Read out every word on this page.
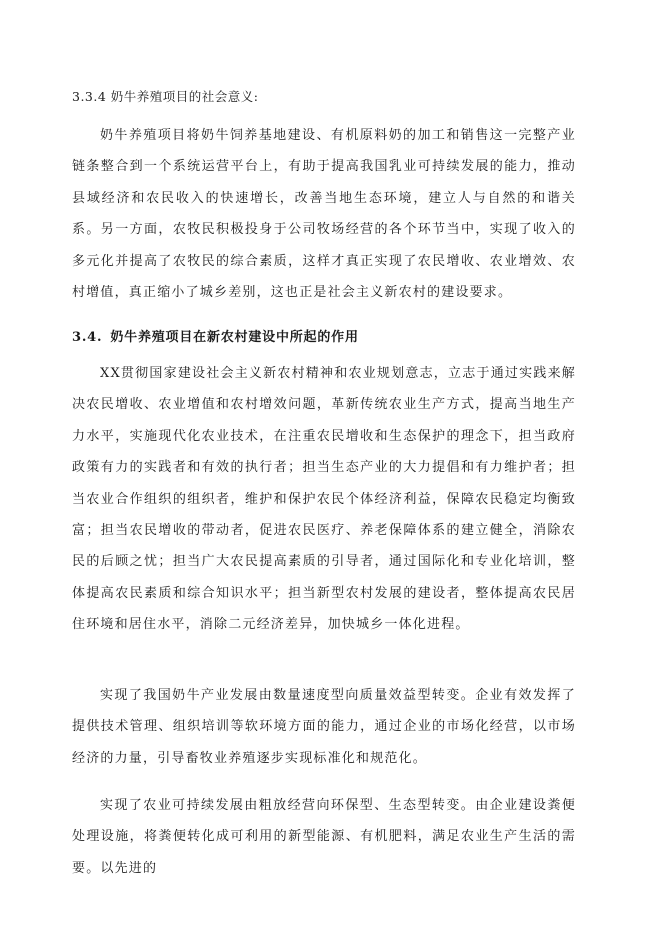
3.3.4 奶牛养殖项目的社会意义:

奶牛养殖项目将奶牛饲养基地建设、有机原料奶的加工和销售这一完整产业链条整合到一个系统运营平台上，有助于提高我国乳业可持续发展的能力，推动县域经济和农民收入的快速增长，改善当地生态环境，建立人与自然的和谐关系。另一方面，农牧民积极投身于公司牧场经营的各个环节当中，实现了收入的多元化并提高了农牧民的综合素质，这样才真正实现了农民增收、农业增效、农村增值，真正缩小了城乡差别，这也正是社会主义新农村的建设要求。

3.4. 奶牛养殖项目在新农村建设中所起的作用

XX贯彻国家建设社会主义新农村精神和农业规划意志，立志于通过实践来解决农民增收、农业增值和农村增效问题，革新传统农业生产方式，提高当地生产力水平，实施现代化农业技术，在注重农民增收和生态保护的理念下，担当政府政策有力的实践者和有效的执行者；担当生态产业的大力提倡和有力维护者；担当农业合作组织的组织者，维护和保护农民个体经济利益，保障农民稳定均衡致富；担当农民增收的带动者，促进农民医疗、养老保障体系的建立健全，消除农民的后顾之忧；担当广大农民提高素质的引导者，通过国际化和专业化培训，整体提高农民素质和综合知识水平；担当新型农村发展的建设者，整体提高农民居住环境和居住水平，消除二元经济差异，加快城乡一体化进程。

实现了我国奶牛产业发展由数量速度型向质量效益型转变。企业有效发挥了提供技术管理、组织培训等软环境方面的能力，通过企业的市场化经营，以市场经济的力量，引导畜牧业养殖逐步实现标准化和规范化。

实现了农业可持续发展由粗放经营向环保型、生态型转变。由企业建设粪便处理设施，将粪便转化成可利用的新型能源、有机肥料，满足农业生产生活的需要。以先进的
